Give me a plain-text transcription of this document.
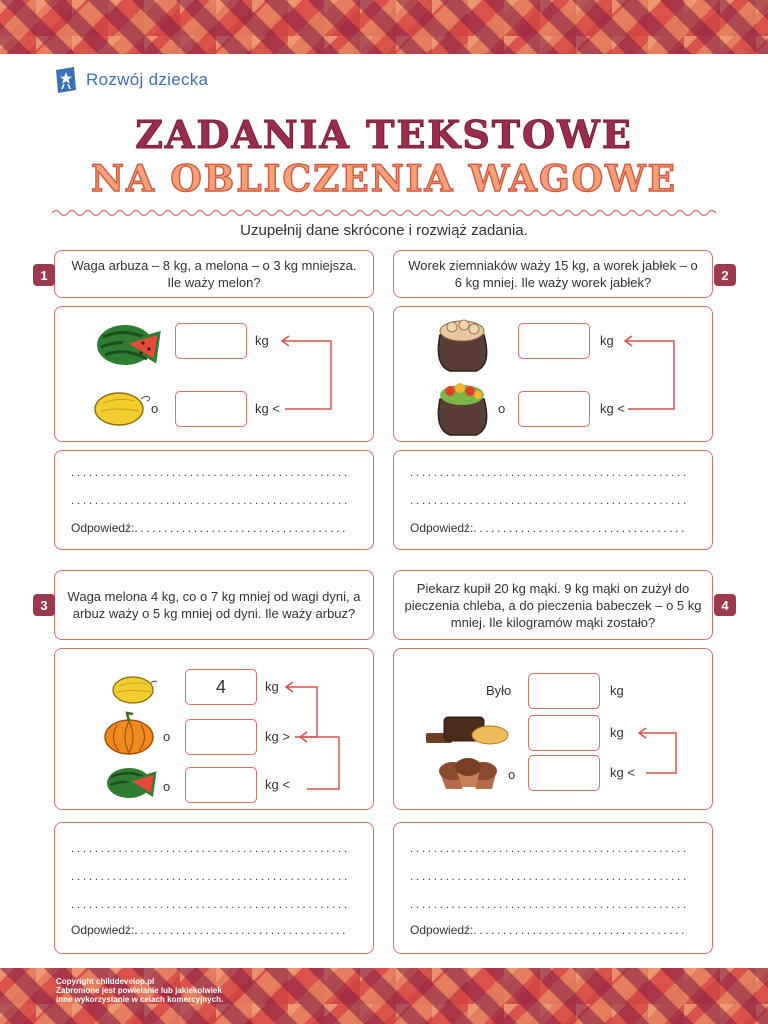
Rozwój dziecka
ZADANIA TEKSTOWE
NA OBLICZENIA WAGOWE
Uzupełnij dane skrócone i rozwiąż zadania.
Waga arbuza – 8 kg, a melona – o 3 kg mniejsza. Ile waży melon?
1
kg
o	kg <
...............................................
...............................................
Odpowiedź:....................................
Worek ziemniaków waży 15 kg, a worek jabłek – o 6 kg mniej. Ile waży worek jabłek?	2
kg
o	kg <
...............................................
...............................................
Odpowiedź:....................................
Waga melona 4 kg, co o 7 kg mniej od wagi dyni, a arbuz waży o 5 kg mniej od dyni. Ile waży arbuz?
3
4	kg
o	kg >
o	kg <
...............................................
...............................................
...............................................
Odpowiedź:....................................
Piekarz kupił 20 kg mąki. 9 kg mąki on zużył do pieczenia chleba, a do pieczenia babeczek – o 5 kg mniej. Ile kilogramów mąki zostało?
4
Było	kg
kg
o	kg <
...............................................
...............................................
...............................................
Odpowiedź:....................................
Copyright childdevelop.pl
Zabronione jest powielanie lub jakiekolwiek
inne wykorzystanie w celach komercyjnych.
